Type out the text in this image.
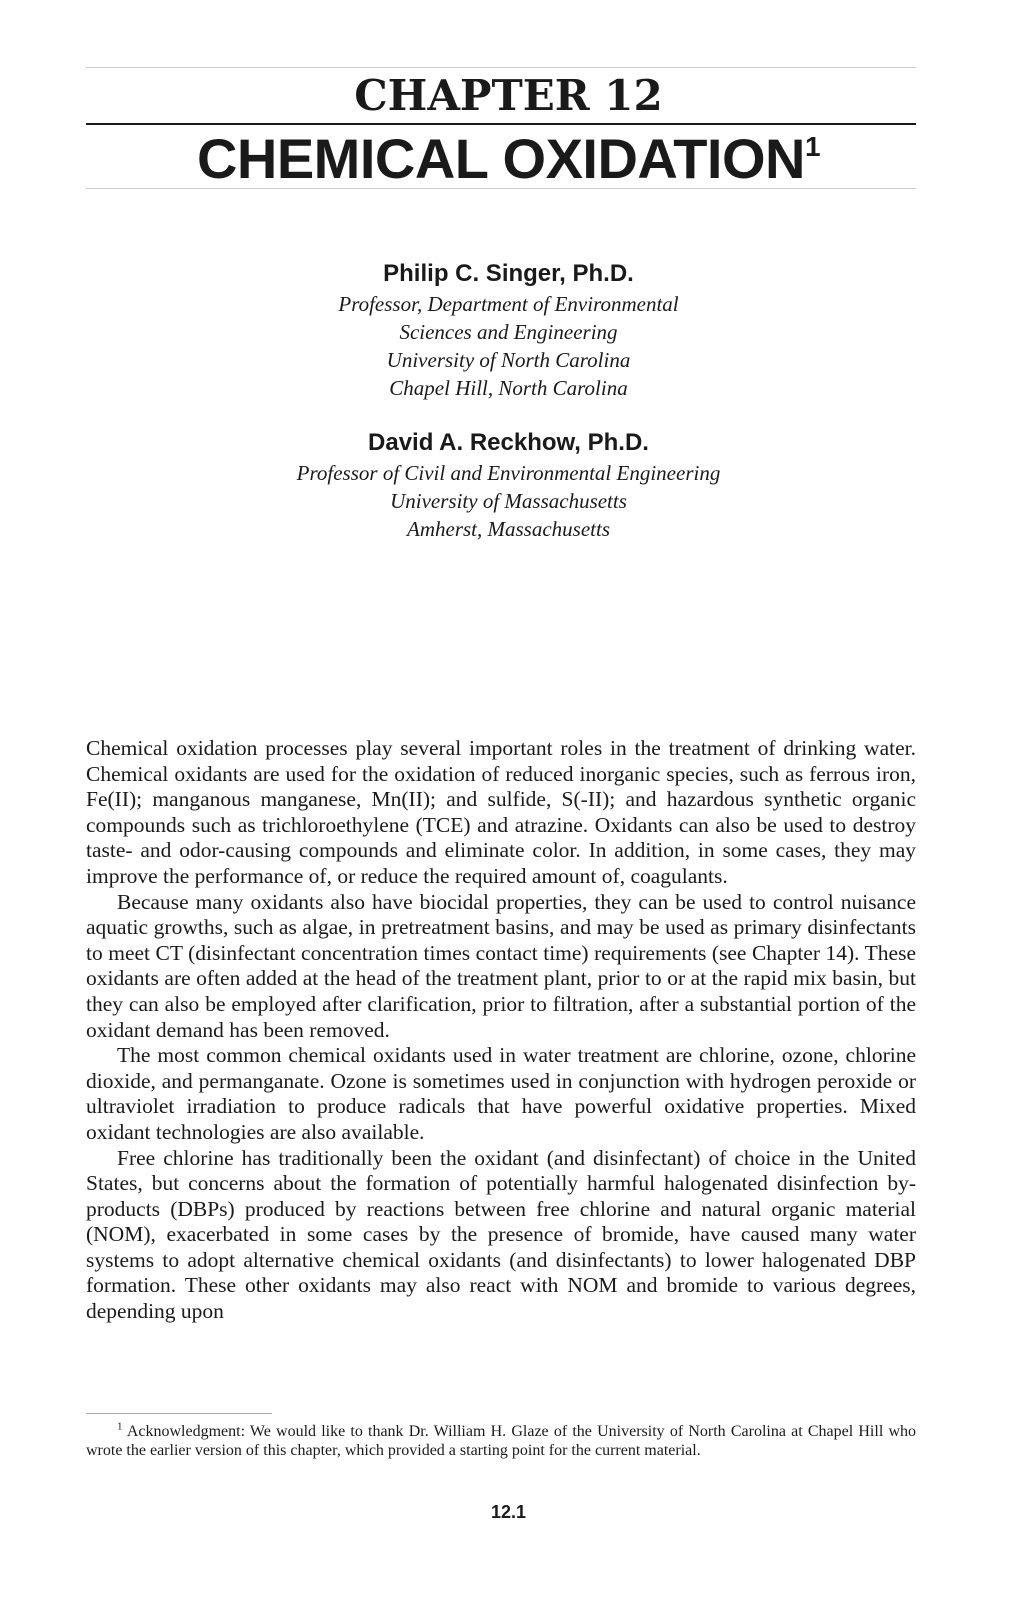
CHAPTER 12
CHEMICAL OXIDATION$^1$
Philip C. Singer, Ph.D.
Professor, Department of Environmental
Sciences and Engineering
University of North Carolina
Chapel Hill, North Carolina
David A. Reckhow, Ph.D.
Professor of Civil and Environmental Engineering
University of Massachusetts
Amherst, Massachusetts

Chemical oxidation processes play several important roles in the treatment of drinking water. Chemical oxidants are used for the oxidation of reduced inorganic species, such as ferrous iron, Fe(II); manganous manganese, Mn(II); and sulfide, S(-II); and hazardous synthetic organic compounds such as trichloroethylene (TCE) and atrazine. Oxidants can also be used to destroy taste- and odor-causing compounds and eliminate color. In addition, in some cases, they may improve the performance of, or reduce the required amount of, coagulants.

Because many oxidants also have biocidal properties, they can be used to control nuisance aquatic growths, such as algae, in pretreatment basins, and may be used as primary disinfectants to meet CT (disinfectant concentration times contact time) requirements (see Chapter 14). These oxidants are often added at the head of the treatment plant, prior to or at the rapid mix basin, but they can also be employed after clarification, prior to filtration, after a substantial portion of the oxidant demand has been removed.

The most common chemical oxidants used in water treatment are chlorine, ozone, chlorine dioxide, and permanganate. Ozone is sometimes used in conjunction with hydrogen peroxide or ultraviolet irradiation to produce radicals that have powerful oxidative properties. Mixed oxidant technologies are also available.

Free chlorine has traditionally been the oxidant (and disinfectant) of choice in the United States, but concerns about the formation of potentially harmful halogenated disinfection by-products (DBPs) produced by reactions between free chlorine and natural organic material (NOM), exacerbated in some cases by the presence of bromide, have caused many water systems to adopt alternative chemical oxidants (and disinfectants) to lower halogenated DBP formation. These other oxidants may also react with NOM and bromide to various degrees, depending upon

$^1$ Acknowledgment: We would like to thank Dr. William H. Glaze of the University of North Carolina at Chapel Hill who wrote the earlier version of this chapter, which provided a starting point for the current material.

12.1
